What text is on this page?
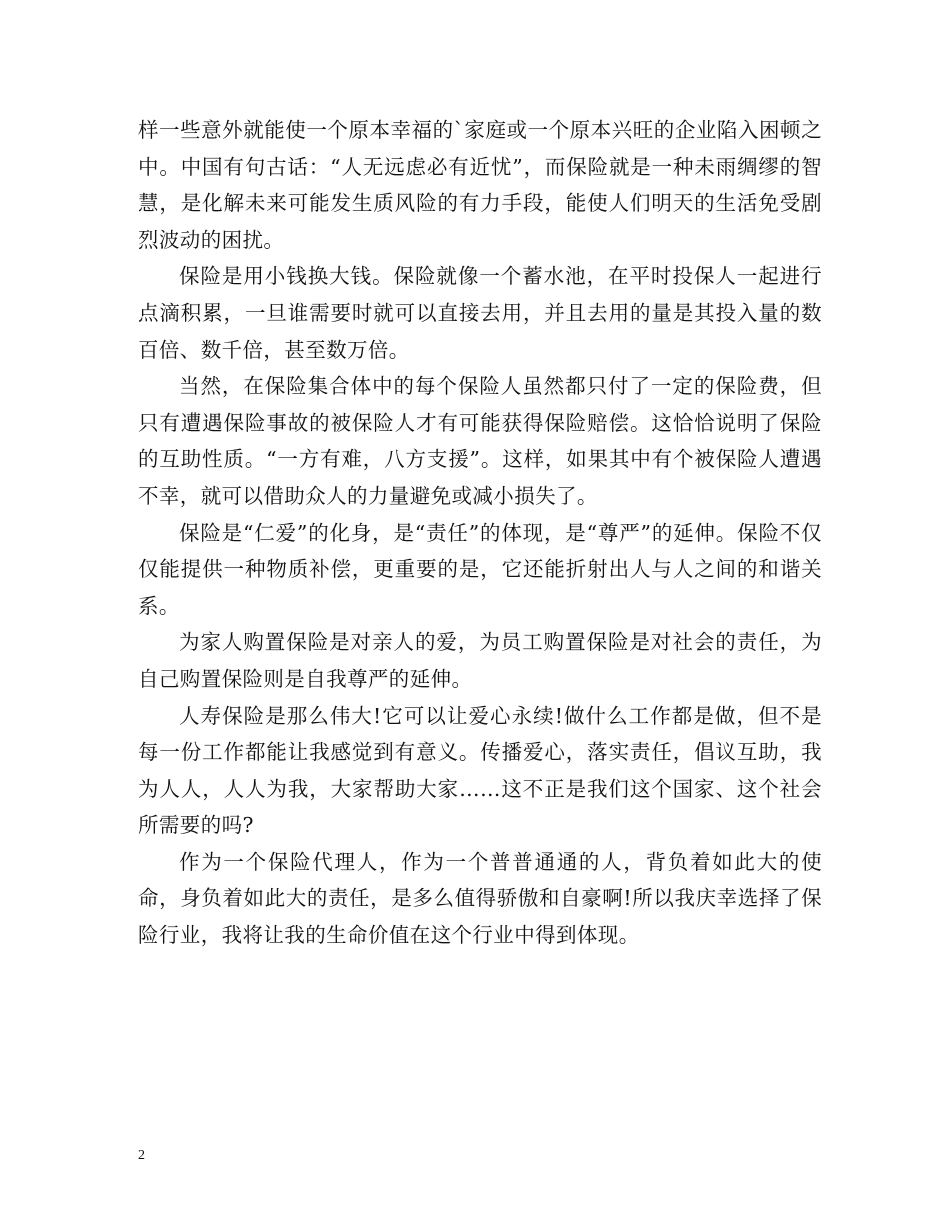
样一些意外就能使一个原本幸福的`家庭或一个原本兴旺的企业陷入困顿之中。中国有句古话：“人无远虑必有近忧”，而保险就是一种未雨绸缪的智慧，是化解未来可能发生质风险的有力手段，能使人们明天的生活免受剧烈波动的困扰。

保险是用小钱换大钱。保险就像一个蓄水池，在平时投保人一起进行点滴积累，一旦谁需要时就可以直接去用，并且去用的量是其投入量的数百倍、数千倍，甚至数万倍。

当然，在保险集合体中的每个保险人虽然都只付了一定的保险费，但只有遭遇保险事故的被保险人才有可能获得保险赔偿。这恰恰说明了保险的互助性质。“一方有难，八方支援”。这样，如果其中有个被保险人遭遇不幸，就可以借助众人的力量避免或减小损失了。

保险是“仁爱”的化身，是“责任”的体现，是“尊严”的延伸。保险不仅仅能提供一种物质补偿，更重要的是，它还能折射出人与人之间的和谐关系。

为家人购置保险是对亲人的爱，为员工购置保险是对社会的责任，为自己购置保险则是自我尊严的延伸。

人寿保险是那么伟大!它可以让爱心永续!做什么工作都是做，但不是每一份工作都能让我感觉到有意义。传播爱心，落实责任，倡议互助，我为人人，人人为我，大家帮助大家……这不正是我们这个国家、这个社会所需要的吗?

作为一个保险代理人，作为一个普普通通的人，背负着如此大的使命，身负着如此大的责任，是多么值得骄傲和自豪啊!所以我庆幸选择了保险行业，我将让我的生命价值在这个行业中得到体现。

2
